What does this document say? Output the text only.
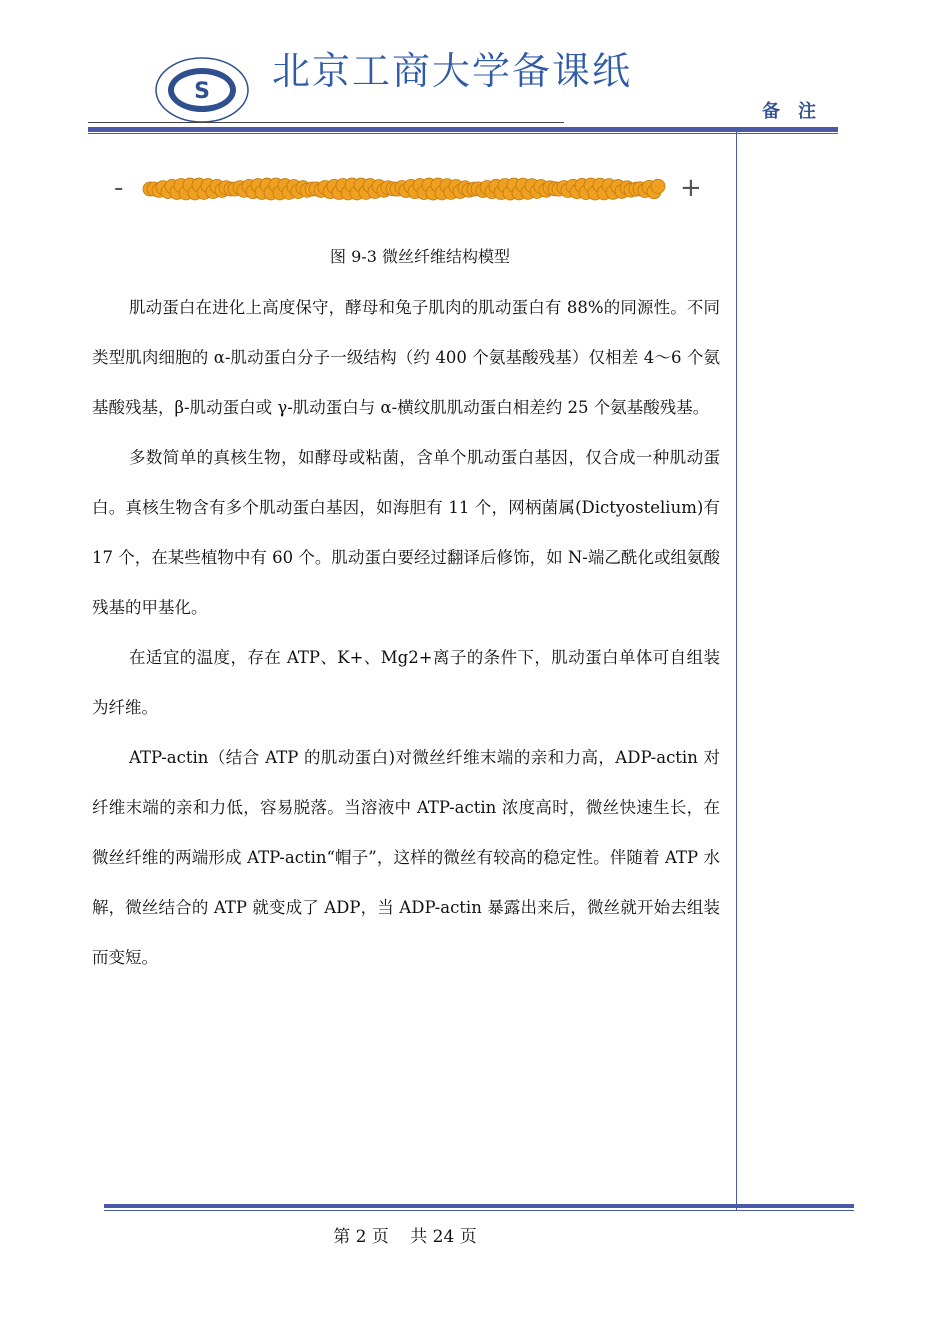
S 北京工商大学备课纸
备注
-	+
图 9-3 微丝纤维结构模型

肌动蛋白在进化上高度保守，酵母和兔子肌肉的肌动蛋白有 88%的同源性。不同类型肌肉细胞的 α-肌动蛋白分子一级结构（约 400 个氨基酸残基）仅相差 4～6 个氨基酸残基，β-肌动蛋白或 γ-肌动蛋白与 α-横纹肌肌动蛋白相差约 25 个氨基酸残基。

多数简单的真核生物，如酵母或粘菌，含单个肌动蛋白基因，仅合成一种肌动蛋白。真核生物含有多个肌动蛋白基因，如海胆有 11 个，网柄菌属(Dictyostelium)有 17 个，在某些植物中有 60 个。肌动蛋白要经过翻译后修饰，如 N-端乙酰化或组氨酸残基的甲基化。

在适宜的温度，存在 ATP、K+、Mg2+离子的条件下，肌动蛋白单体可自组装为纤维。

ATP-actin（结合 ATP 的肌动蛋白)对微丝纤维末端的亲和力高，ADP-actin 对纤维末端的亲和力低，容易脱落。当溶液中 ATP-actin 浓度高时，微丝快速生长，在微丝纤维的两端形成 ATP-actin“帽子”，这样的微丝有较高的稳定性。伴随着 ATP 水解，微丝结合的 ATP 就变成了 ADP，当 ADP-actin 暴露出来后，微丝就开始去组装而变短。

第 2 页 共 24 页
